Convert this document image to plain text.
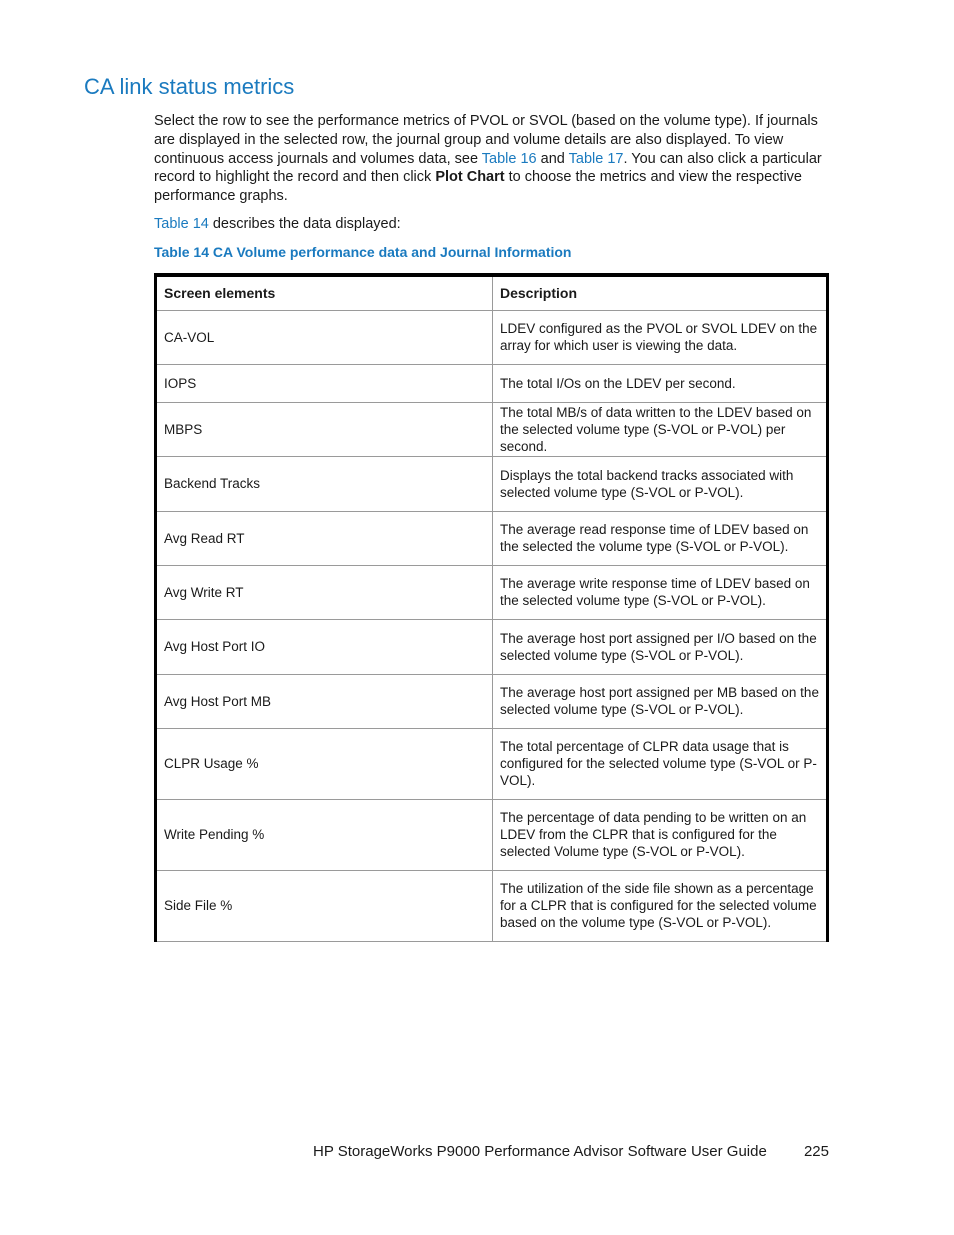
CA link status metrics

Select the row to see the performance metrics of PVOL or SVOL (based on the volume type). If journals are displayed in the selected row, the journal group and volume details are also displayed. To view continuous access journals and volumes data, see Table 16 and Table 17. You can also click a particular record to highlight the record and then click Plot Chart to choose the metrics and view the respective performance graphs.

Table 14 describes the data displayed:

Table 14 CA Volume performance data and Journal Information

Screen elements	Description
CA-VOL	LDEV configured as the PVOL or SVOL LDEV on the array for which user is viewing the data.
IOPS	The total I/Os on the LDEV per second.
MBPS	The total MB/s of data written to the LDEV based on the selected volume type (S-VOL or P-VOL) per second.
Backend Tracks	Displays the total backend tracks associated with selected volume type (S-VOL or P-VOL).
Avg Read RT	The average read response time of LDEV based on the selected the volume type (S-VOL or P-VOL).
Avg Write RT	The average write response time of LDEV based on the selected volume type (S-VOL or P-VOL).
Avg Host Port IO	The average host port assigned per I/O based on the selected volume type (S-VOL or P-VOL).
Avg Host Port MB	The average host port assigned per MB based on the selected volume type (S-VOL or P-VOL).
CLPR Usage %	The total percentage of CLPR data usage that is configured for the selected volume type (S-VOL or P-VOL).
Write Pending %	The percentage of data pending to be written on an LDEV from the CLPR that is configured for the selected Volume type (S-VOL or P-VOL).
Side File %	The utilization of the side file shown as a percentage for a CLPR that is configured for the selected volume based on the volume type (S-VOL or P-VOL).
HP StorageWorks P9000 Performance Advisor Software User Guide 225
